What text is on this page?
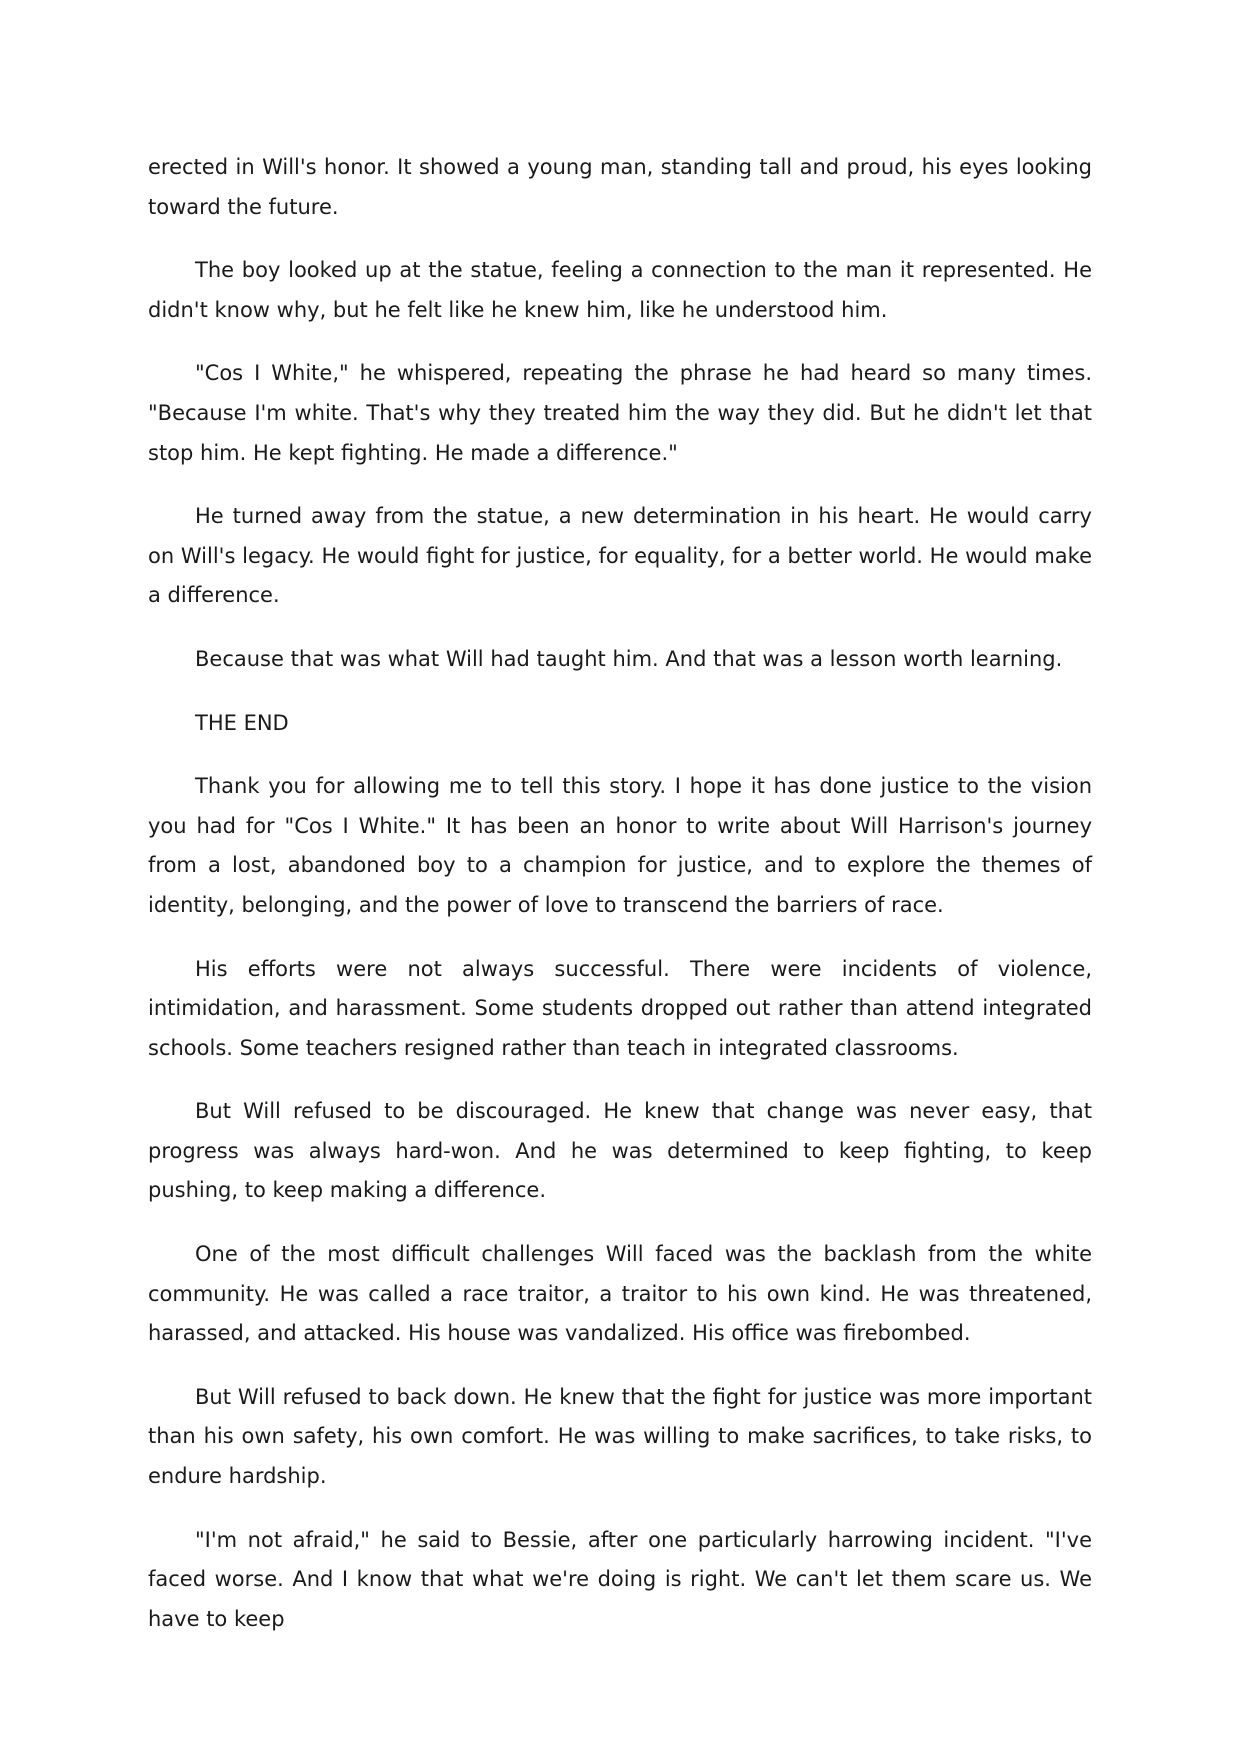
erected in Will's honor. It showed a young man, standing tall and proud, his eyes looking toward the future.

The boy looked up at the statue, feeling a connection to the man it represented. He didn't know why, but he felt like he knew him, like he understood him.

"Cos I White," he whispered, repeating the phrase he had heard so many times. "Because I'm white. That's why they treated him the way they did. But he didn't let that stop him. He kept fighting. He made a difference."

He turned away from the statue, a new determination in his heart. He would carry on Will's legacy. He would fight for justice, for equality, for a better world. He would make a difference.

Because that was what Will had taught him. And that was a lesson worth learning.

THE END

Thank you for allowing me to tell this story. I hope it has done justice to the vision you had for "Cos I White." It has been an honor to write about Will Harrison's journey from a lost, abandoned boy to a champion for justice, and to explore the themes of identity, belonging, and the power of love to transcend the barriers of race.

His efforts were not always successful. There were incidents of violence, intimidation, and harassment. Some students dropped out rather than attend integrated schools. Some teachers resigned rather than teach in integrated classrooms.

But Will refused to be discouraged. He knew that change was never easy, that progress was always hard-won. And he was determined to keep fighting, to keep pushing, to keep making a difference.

One of the most difficult challenges Will faced was the backlash from the white community. He was called a race traitor, a traitor to his own kind. He was threatened, harassed, and attacked. His house was vandalized. His office was firebombed.

But Will refused to back down. He knew that the fight for justice was more important than his own safety, his own comfort. He was willing to make sacrifices, to take risks, to endure hardship.

"I'm not afraid," he said to Bessie, after one particularly harrowing incident. "I've faced worse. And I know that what we're doing is right. We can't let them scare us. We have to keep
